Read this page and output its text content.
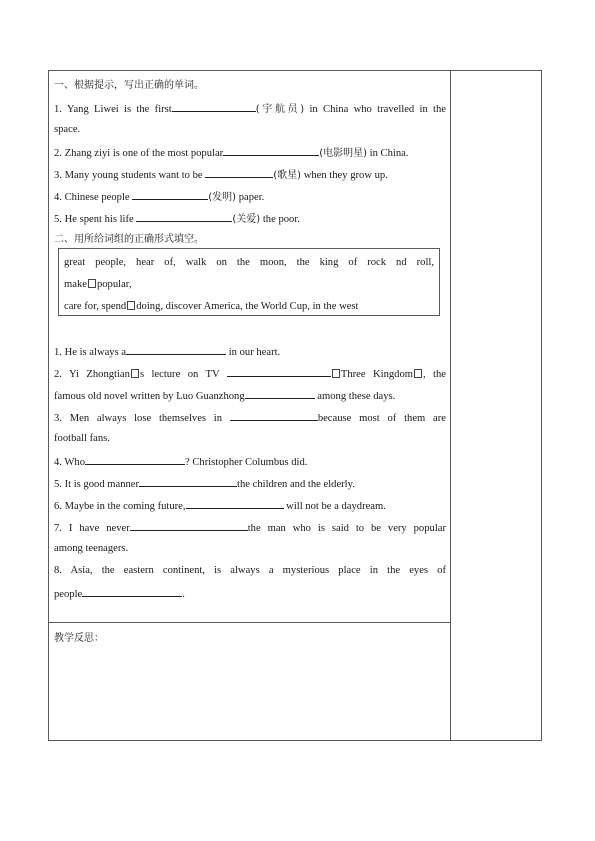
一、根据提示，写出正确的单词。
1. Yang Liwei is the first	(宇航员) in China who travelled in the
space.
2. Zhang ziyi is one of the most popular	(电影明星) in China.
3. Many young students want to be	(歌星) when they grow up.
4. Chinese people	(发明) paper.
5. He spent his life	(关爱) the poor.
二、用所给词组的正确形式填空。
great people, hear of, walk on the moon, the king of rock nd roll,
make popular,
care for, spend doing, discover America, the World Cup, in the west
1. He is always a	in our heart.
2. Yi Zhongtian s lecture on TV	Three Kingdom , the
famous old novel written by Luo Guanzhong	among these days.
3. Men always lose themselves in	because most of them are
football fans.
4. Who	? Christopher Columbus did.
5. It is good manner	the children and the elderly.
6. Maybe in the coming future,	will not be a daydream.
7. I have never	the man who is said to be very popular
among teenagers.
8. Asia, the eastern continent, is always a mysterious place in the eyes of
people	.
教学反思：
